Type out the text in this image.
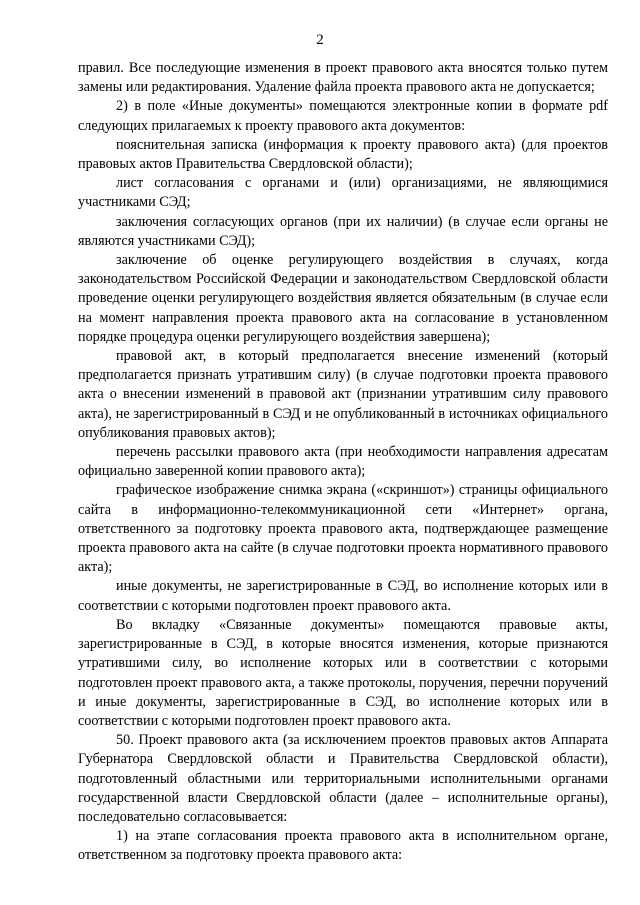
2

правил. Все последующие изменения в проект правового акта вносятся только путем замены или редактирования. Удаление файла проекта правового акта не допускается;

2) в поле «Иные документы» помещаются электронные копии в формате pdf следующих прилагаемых к проекту правового акта документов:

пояснительная записка (информация к проекту правового акта) (для проектов правовых актов Правительства Свердловской области);

лист согласования с органами и (или) организациями, не являющимися участниками СЭД;

заключения согласующих органов (при их наличии) (в случае если органы не являются участниками СЭД);

заключение об оценке регулирующего воздействия в случаях, когда законодательством Российской Федерации и законодательством Свердловской области проведение оценки регулирующего воздействия является обязательным (в случае если на момент направления проекта правового акта на согласование в установленном порядке процедура оценки регулирующего воздействия завершена);

правовой акт, в который предполагается внесение изменений (который предполагается признать утратившим силу) (в случае подготовки проекта правового акта о внесении изменений в правовой акт (признании утратившим силу правового акта), не зарегистрированный в СЭД и не опубликованный в источниках официального опубликования правовых актов);

перечень рассылки правового акта (при необходимости направления адресатам официально заверенной копии правового акта);

графическое изображение снимка экрана («скриншот») страницы официального сайта в информационно-телекоммуникационной сети «Интернет» органа, ответственного за подготовку проекта правового акта, подтверждающее размещение проекта правового акта на сайте (в случае подготовки проекта нормативного правового акта);

иные документы, не зарегистрированные в СЭД, во исполнение которых или в соответствии с которыми подготовлен проект правового акта.

Во вкладку «Связанные документы» помещаются правовые акты, зарегистрированные в СЭД, в которые вносятся изменения, которые признаются утратившими силу, во исполнение которых или в соответствии с которыми подготовлен проект правового акта, а также протоколы, поручения, перечни поручений и иные документы, зарегистрированные в СЭД, во исполнение которых или в соответствии с которыми подготовлен проект правового акта.

50. Проект правового акта (за исключением проектов правовых актов Аппарата Губернатора Свердловской области и Правительства Свердловской области), подготовленный областными или территориальными исполнительными органами государственной власти Свердловской области (далее – исполнительные органы), последовательно согласовывается:

1) на этапе согласования проекта правового акта в исполнительном органе, ответственном за подготовку проекта правового акта:
